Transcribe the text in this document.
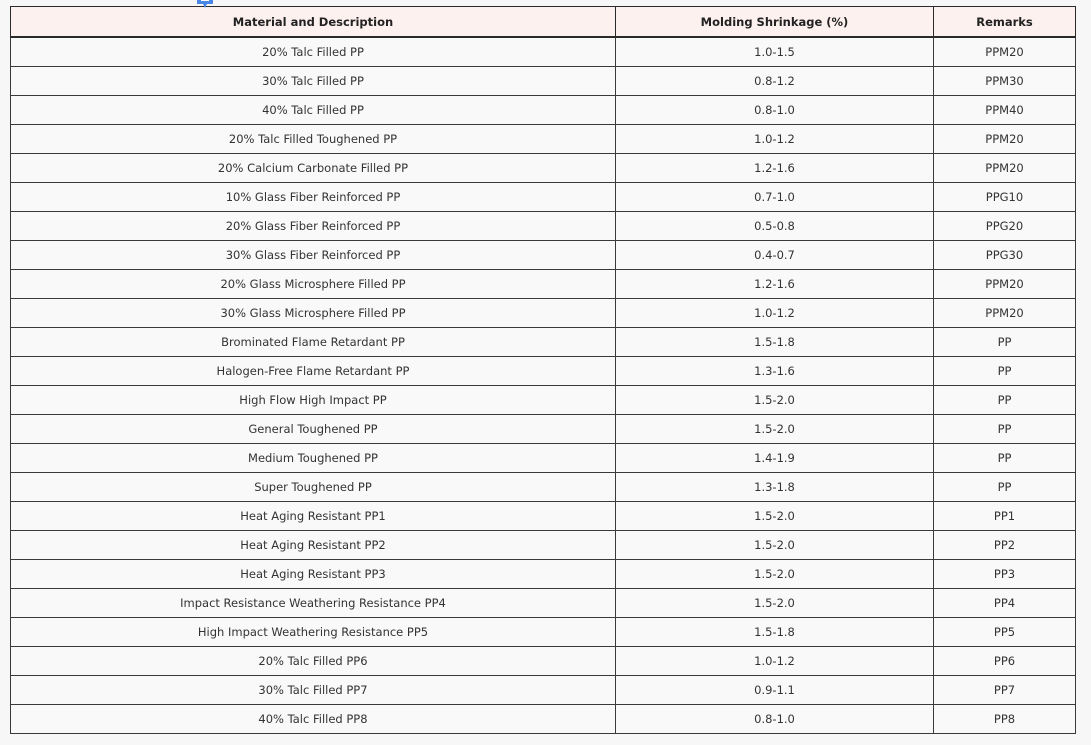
Material and Description	Molding Shrinkage (%)	Remarks
20% Talc Filled PP	1.0-1.5	PPM20
30% Talc Filled PP	0.8-1.2	PPM30
40% Talc Filled PP	0.8-1.0	PPM40
20% Talc Filled Toughened PP	1.0-1.2	PPM20
20% Calcium Carbonate Filled PP	1.2-1.6	PPM20
10% Glass Fiber Reinforced PP	0.7-1.0	PPG10
20% Glass Fiber Reinforced PP	0.5-0.8	PPG20
30% Glass Fiber Reinforced PP	0.4-0.7	PPG30
20% Glass Microsphere Filled PP	1.2-1.6	PPM20
30% Glass Microsphere Filled PP	1.0-1.2	PPM20
Brominated Flame Retardant PP	1.5-1.8	PP
Halogen-Free Flame Retardant PP	1.3-1.6	PP
High Flow High Impact PP	1.5-2.0	PP
General Toughened PP	1.5-2.0	PP
Medium Toughened PP	1.4-1.9	PP
Super Toughened PP	1.3-1.8	PP
Heat Aging Resistant PP1	1.5-2.0	PP1
Heat Aging Resistant PP2	1.5-2.0	PP2
Heat Aging Resistant PP3	1.5-2.0	PP3
Impact Resistance Weathering Resistance PP4	1.5-2.0	PP4
High Impact Weathering Resistance PP5	1.5-1.8	PP5
20% Talc Filled PP6	1.0-1.2	PP6
30% Talc Filled PP7	0.9-1.1	PP7
40% Talc Filled PP8	0.8-1.0	PP8
